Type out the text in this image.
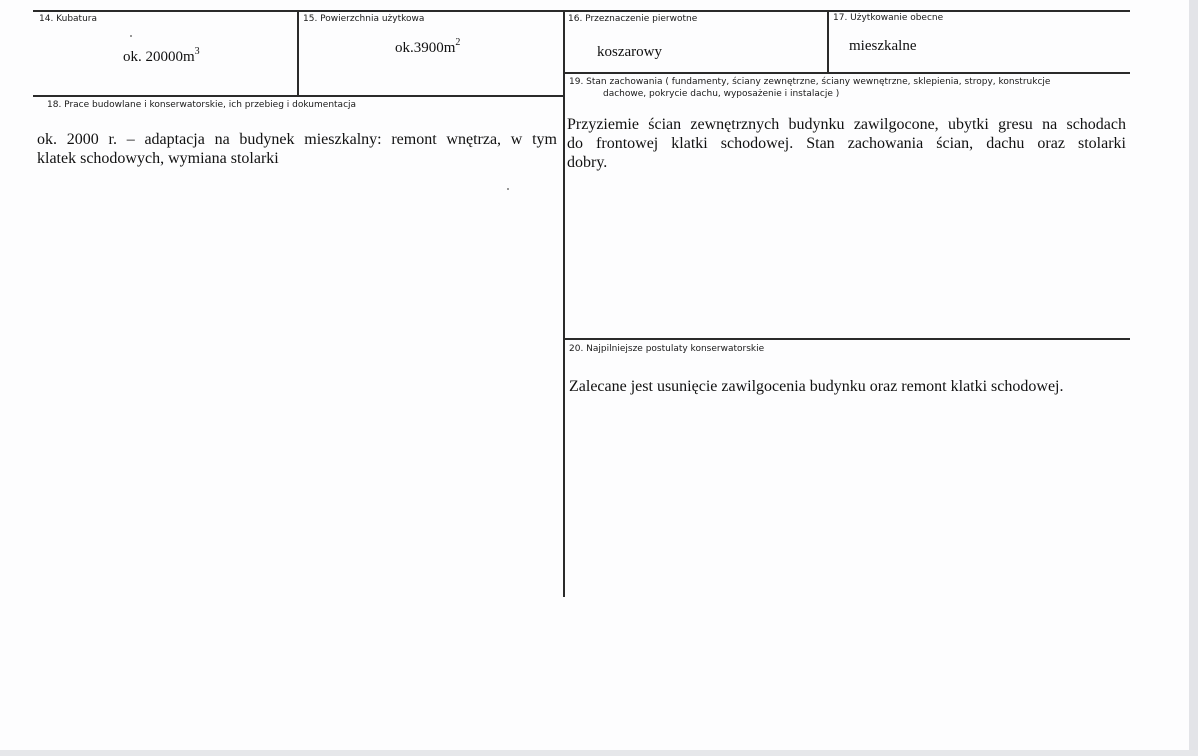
14. Kubatura
ok. $20000m^3$
15. Powierzchnia użytkowa
$ok.3900m^2$
16. Przeznaczenie pierwotne
koszarowy
17. Użytkowanie obecne
mieszkalne
18. Prace budowlane i konserwatorskie, ich przebieg i dokumentacja
ok. 2000 r. – adaptacja na budynek mieszkalny: remont wnętrza, w tym
klatek schodowych, wymiana stolarki
19. Stan zachowania ( fundamenty, ściany zewnętrzne, ściany wewnętrzne, sklepienia, stropy, konstrukcje
dachowe, pokrycie dachu, wyposażenie i instalacje )
Przyziemie ścian zewnętrznych budynku zawilgocone, ubytki gresu na schodach
do frontowej klatki schodowej. Stan zachowania ścian, dachu oraz stolarki
dobry.
20. Najpilniejsze postulaty konserwatorskie
Zalecane jest usunięcie zawilgocenia budynku oraz remont klatki schodowej.
